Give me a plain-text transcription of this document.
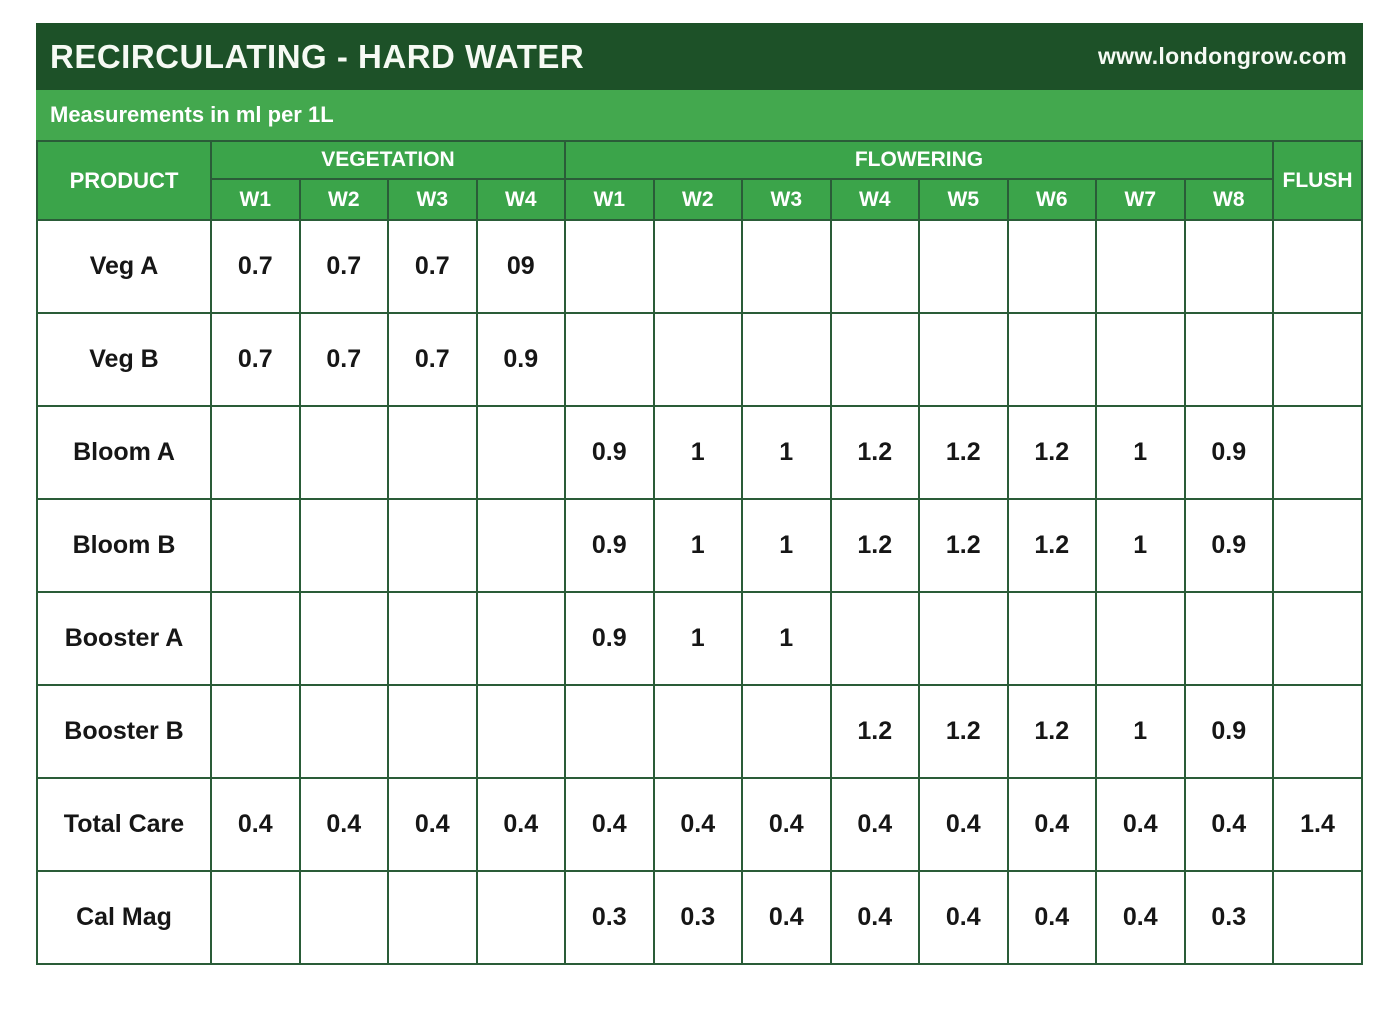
RECIRCULATING - HARD WATER	www.londongrow.com
Measurements in ml per 1L
PRODUCT	VEGETATION				FLOWERING								FLUSH
	W1	W2	W3	W4	W1	W2	W3	W4	W5	W6	W7	W8	
Veg A	0.7	0.7	0.7	09									
Veg B	0.7	0.7	0.7	0.9									
Bloom A					0.9	1	1	1.2	1.2	1.2	1	0.9	
Bloom B					0.9	1	1	1.2	1.2	1.2	1	0.9	
Booster A					0.9	1	1						
Booster B								1.2	1.2	1.2	1	0.9	
Total Care	0.4	0.4	0.4	0.4	0.4	0.4	0.4	0.4	0.4	0.4	0.4	0.4	1.4
Cal Mag					0.3	0.3	0.4	0.4	0.4	0.4	0.4	0.3	
